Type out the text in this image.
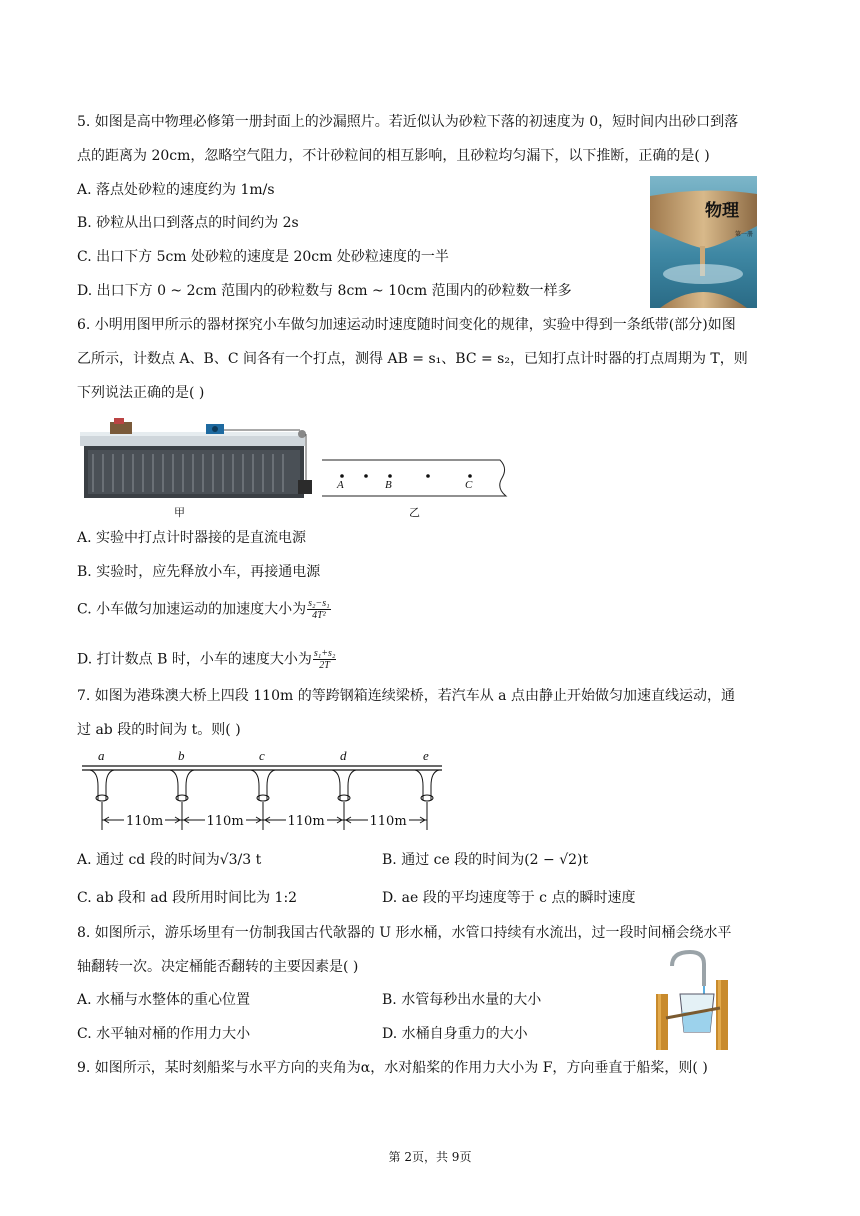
5. 如图是高中物理必修第一册封面上的沙漏照片。若近似认为砂粒下落的初速度为 0，短时间内出砂口到落
点的距离为 20cm，忽略空气阻力，不计砂粒间的相互影响，且砂粒均匀漏下，以下推断，正确的是( )
A. 落点处砂粒的速度约为 1m/s
B. 砂粒从出口到落点的时间约为 2s
C. 出口下方 5cm 处砂粒的速度是 20cm 处砂粒速度的一半
D. 出口下方 0 ~ 2cm 范围内的砂粒数与 8cm ~ 10cm 范围内的砂粒数一样多
物理
第一册
6. 小明用图甲所示的器材探究小车做匀加速运动时速度随时间变化的规律，实验中得到一条纸带(部分)如图
乙所示，计数点 A、B、C 间各有一个打点，测得 AB = s₁、BC = s₂，已知打点计时器的打点周期为 T，则
下列说法正确的是( )
甲
A	B	C
乙
A. 实验中打点计时器接的是直流电源
B. 实验时，应先释放小车，再接通电源
C. 小车做匀加速运动的加速度大小为 $\frac{\text{s₂−s₁}}{\text{4T²}}$
D. 打计数点 B 时，小车的速度大小为 $\frac{\text{s₁+s₂}}{2T}$
7. 如图为港珠澳大桥上四段 110m 的等跨钢箱连续梁桥，若汽车从 a 点由静止开始做匀加速直线运动，通
过 ab 段的时间为 t。则( )
a	b	c	d	e
110m	110m	110m	110m
A. 通过 cd 段的时间为√3/3 t	B. 通过 ce 段的时间为(2 − √2)t
C. ab 段和 ad 段所用时间比为 1:2	D. ae 段的平均速度等于 c 点的瞬时速度
8. 如图所示，游乐场里有一仿制我国古代欹器的 U 形水桶，水管口持续有水流出，过一段时间桶会绕水平
轴翻转一次。决定桶能否翻转的主要因素是( )
A. 水桶与水整体的重心位置	B. 水管每秒出水量的大小
C. 水平轴对桶的作用力大小	D. 水桶自身重力的大小
9. 如图所示，某时刻船桨与水平方向的夹角为α，水对船桨的作用力大小为 F，方向垂直于船桨，则( )
第 2页，共 9页
